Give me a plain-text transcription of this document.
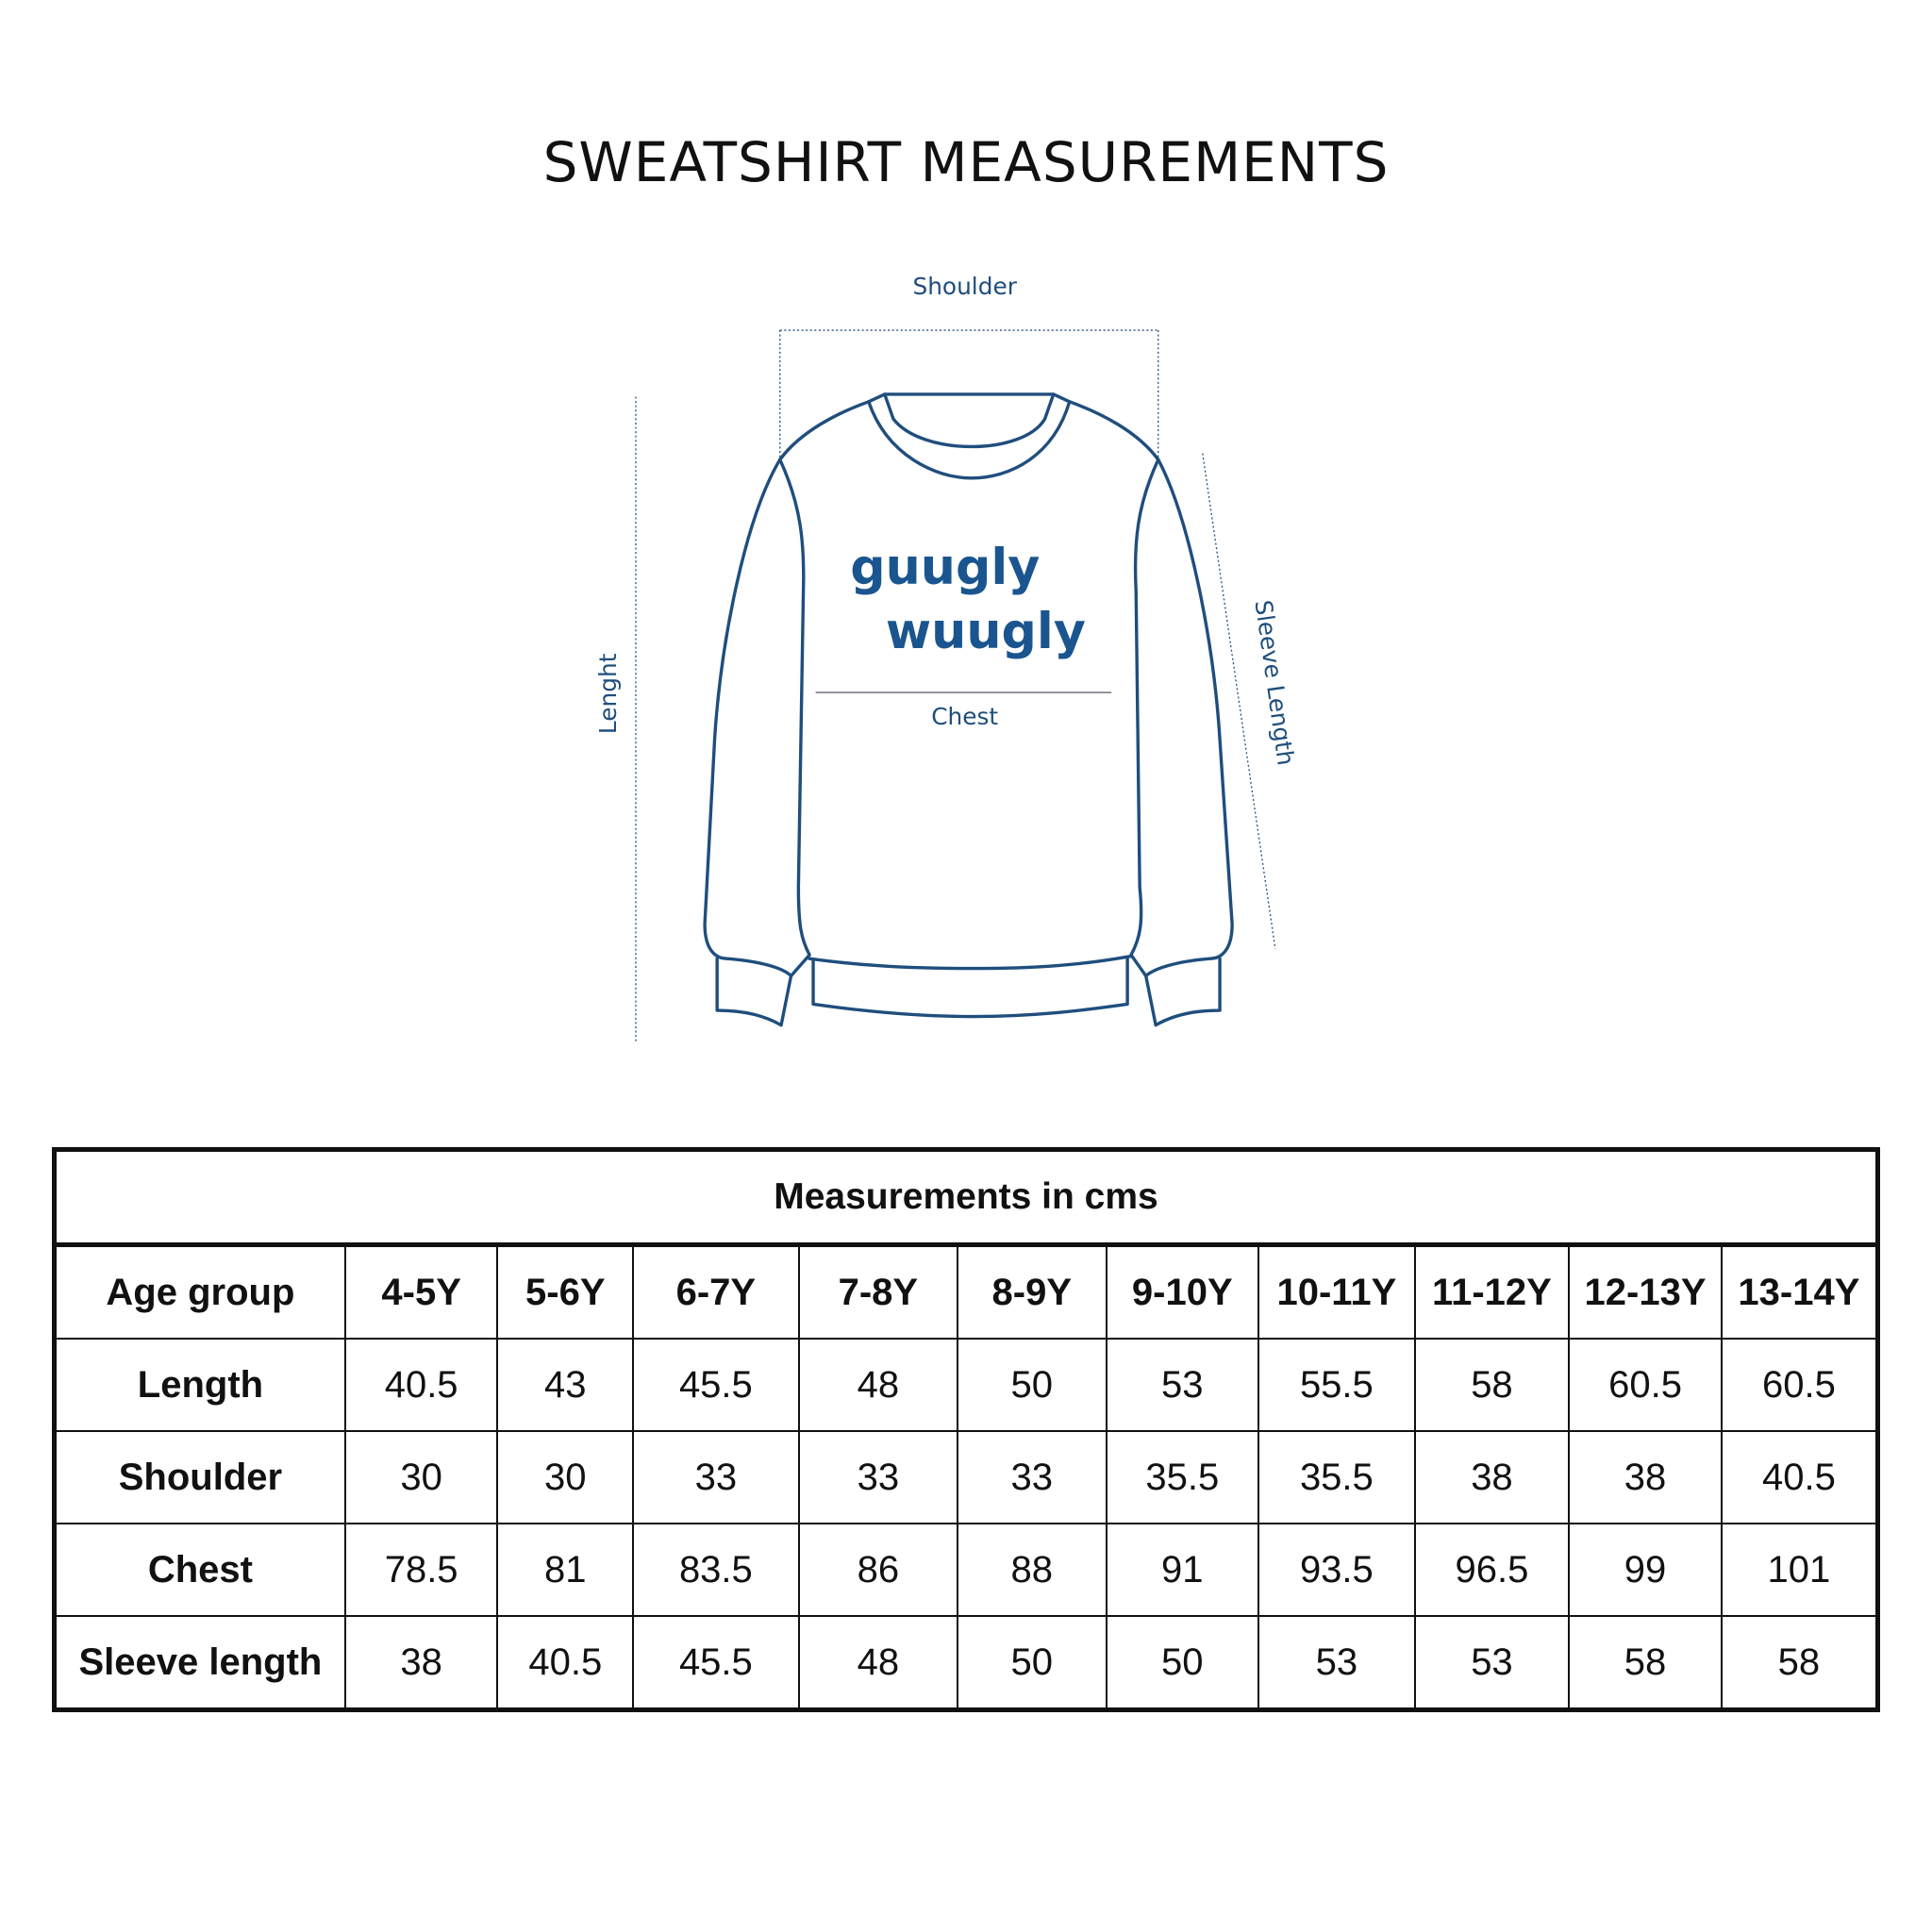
SWEATSHIRT MEASUREMENTS
Shoulder
Lenght	Sleeve Length
Chest
guugly
wuugly
Measurements in cms										
Age group	4-5Y	5-6Y	6-7Y	7-8Y	8-9Y	9-10Y	10-11Y	11-12Y	12-13Y	13-14Y
Length	40.5	43	45.5	48	50	53	55.5	58	60.5	60.5
Shoulder	30	30	33	33	33	35.5	35.5	38	38	40.5
Chest	78.5	81	83.5	86	88	91	93.5	96.5	99	101
Sleeve length	38	40.5	45.5	48	50	50	53	53	58	58
